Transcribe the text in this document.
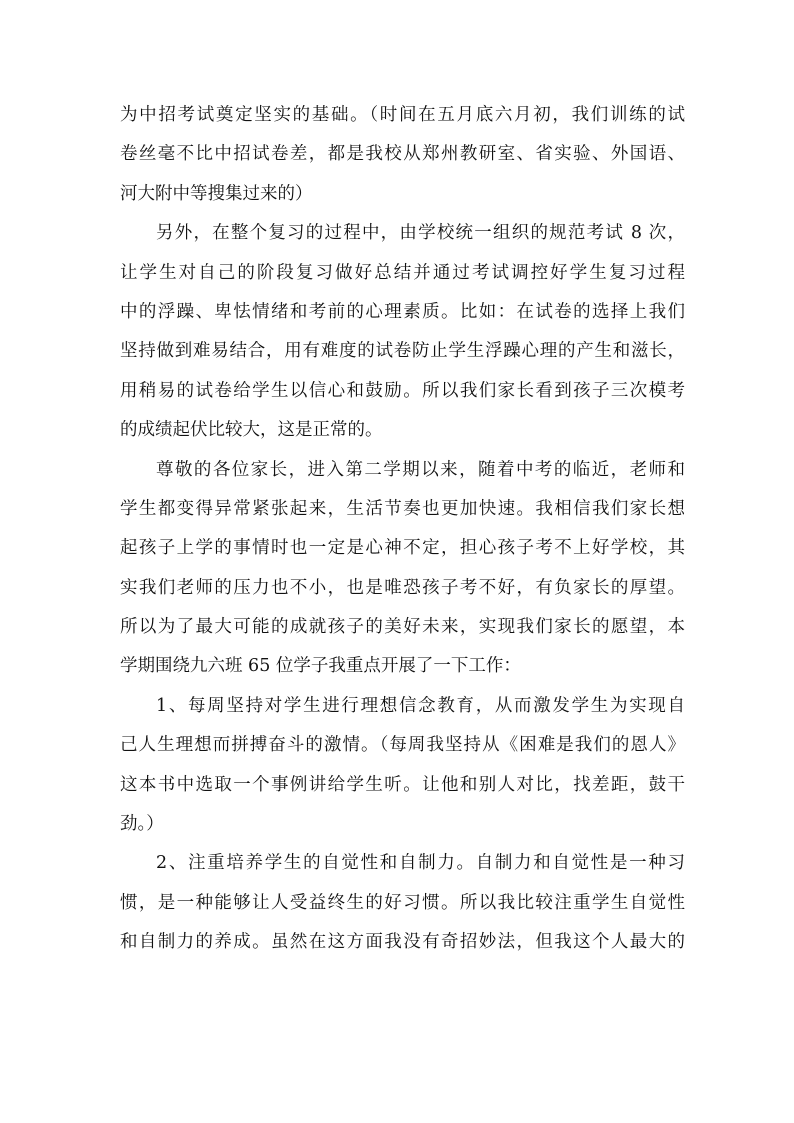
为中招考试奠定坚实的基础。（时间在五月底六月初，我们训练的试
卷丝毫不比中招试卷差，都是我校从郑州教研室、省实验、外国语、
河大附中等搜集过来的）
另外，在整个复习的过程中，由学校统一组织的规范考试 8 次，
让学生对自己的阶段复习做好总结并通过考试调控好学生复习过程
中的浮躁、卑怯情绪和考前的心理素质。比如：在试卷的选择上我们
坚持做到难易结合，用有难度的试卷防止学生浮躁心理的产生和滋长，
用稍易的试卷给学生以信心和鼓励。所以我们家长看到孩子三次模考
的成绩起伏比较大，这是正常的。
尊敬的各位家长，进入第二学期以来，随着中考的临近，老师和
学生都变得异常紧张起来，生活节奏也更加快速。我相信我们家长想
起孩子上学的事情时也一定是心神不定，担心孩子考不上好学校，其
实我们老师的压力也不小，也是唯恐孩子考不好，有负家长的厚望。
所以为了最大可能的成就孩子的美好未来，实现我们家长的愿望，本
学期围绕九六班 65 位学子我重点开展了一下工作：
1、每周坚持对学生进行理想信念教育，从而激发学生为实现自
己人生理想而拼搏奋斗的激情。（每周我坚持从《困难是我们的恩人》
这本书中选取一个事例讲给学生听。让他和别人对比，找差距，鼓干
劲。）
2、注重培养学生的自觉性和自制力。自制力和自觉性是一种习
惯，是一种能够让人受益终生的好习惯。所以我比较注重学生自觉性
和自制力的养成。虽然在这方面我没有奇招妙法，但我这个人最大的
